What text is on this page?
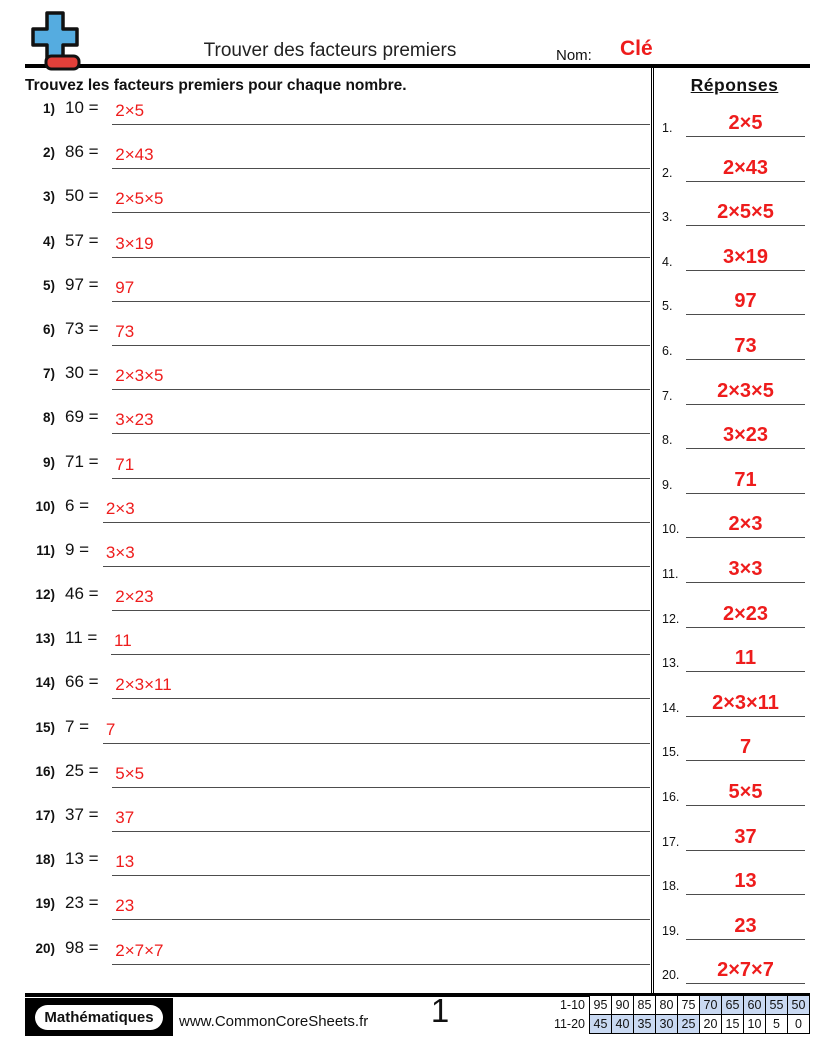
Trouver des facteurs premiers	Nom: Clé
Trouvez les facteurs premiers pour chaque nombre.
1) 10 = 2×5
2) 86 = 2×43
3) 50 = 2×5×5
4) 57 = 3×19
5) 97 = 97
6) 73 = 73
7) 30 = 2×3×5
8) 69 = 3×23
9) 71 = 71
10) 6 = 2×3
11) 9 = 3×3
12) 46 = 2×23
13) 11 = 11
14) 66 = 2×3×11
15) 7 = 7
16) 25 = 5×5
17) 37 = 37
18) 13 = 13
19) 23 = 23
20) 98 = 2×7×7
Réponses
1.	2×5
2.	2×43
3.	2×5×5
4.	3×19
5.	97
6.	73
7.	2×3×5
8.	3×23
9.	71
10.	2×3
11.	3×3
12.	2×23
13.	11
14.	2×3×11
15.	7
16.	5×5
17.	37
18.	13
19.	23
20.	2×7×7
Mathématiques	www.CommonCoreSheets.fr	1	1-10 95 90 85 80 75 70 65 60 55 50
11-20 45 40 35 30 25 20 15 10 5	0
